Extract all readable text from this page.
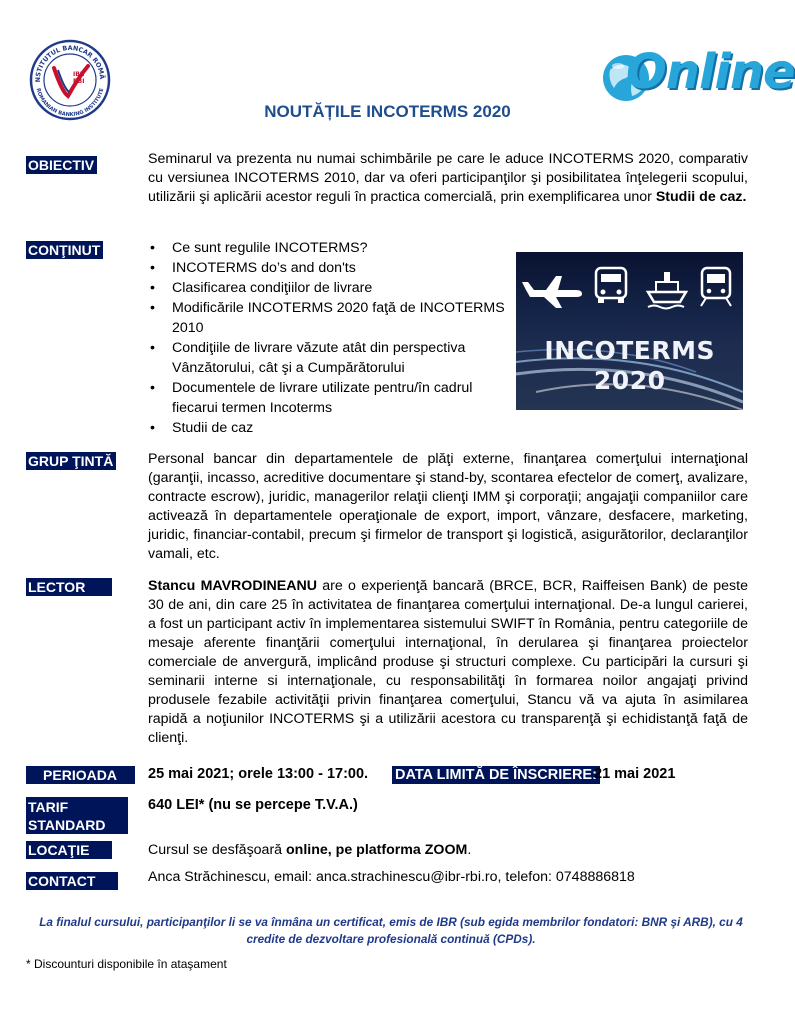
NSTITUTUL BANCAR ROMÂ
ROMANIAN BANKING INSTITUTE
IBR
RBI	Online
NOUTĂȚILE INCOTERMS 2020
OBIECTIV	Seminarul va prezenta nu numai schimbările pe care le aduce INCOTERMS 2020, comparativ cu versiunea INCOTERMS 2010, dar va oferi participanţilor şi posibilitatea înţelegerii scopului, utilizării şi aplicării acestor reguli în practica comercială, prin exemplificarea unor Studii de caz.
CONŢINUT
•	Ce sunt regulile INCOTERMS?
• INCOTERMS do’s and don'ts
• Clasificarea condiţiilor de livrare
• Modificările INCOTERMS 2020 faţă de INCOTERMS 2010
• Condiţiile de livrare văzute atât din perspectiva Vânzătorului, cât şi a Cumpărătorului
• Documentele de livrare utilizate pentru/în cadrul fiecarui termen Incoterms
• Studii de caz
INCOTERMS
2020
GRUP ŢINTĂ Personal bancar din departamentele de plăţi externe, finanţarea comerţului internaţional (garanţii, incasso, acreditive documentare şi stand-by, scontarea efectelor de comerţ, avalizare, contracte escrow), juridic, managerilor relaţii clienţi IMM şi corporaţii; angajaţii companiilor care activează în departamentele operaţionale de export, import, vânzare, desfacere, marketing, juridic, financiar-contabil, precum şi firmelor de transport şi logistică, asigurătorilor, declaranţilor vamali, etc.
LECTOR	Stancu MAVRODINEANU are o experienţă bancară (BRCE, BCR, Raiffeisen Bank) de peste 30 de ani, din care 25 în activitatea de finanţarea comerţului internaţional. De-a lungul carierei, a fost un participant activ în implementarea sistemului SWIFT în România, pentru categoriile de mesaje aferente finanţării comerţului internaţional, în derularea şi finanţarea proiectelor comerciale de anvergură, implicând produse şi structuri complexe. Cu participări la cursuri şi seminarii interne si internaţionale, cu responsabilităţi în formarea noilor angajaţi privind produsele fezabile activităţii privin finanţarea comerţului, Stancu vă va ajuta în asimilarea rapidă a noţiunilor INCOTERMS şi a utilizării acestora cu transparenţă şi echidistanţă faţă de clienţi.
PERIOADA	25 mai 2021; orele 13:00 - 17:00. DATA LIMITĂ DE ÎNSCRIERE:
21 mai 2021
TARIF
STANDARD
640 LEI* (nu se percepe T.V.A.)
LOCAŢIE	Cursul se desfăşoară online, pe platforma ZOOM.
CONTACT	Anca Străchinescu, email: anca.strachinescu@ibr-rbi.ro, telefon: 0748886818
La finalul cursului, participanţilor li se va înmâna un certificat, emis de IBR (sub egida membrilor fondatori: BNR şi ARB), cu 4 credite de dezvoltare profesională continuă (CPDs).
* Discounturi disponibile în ataşament
